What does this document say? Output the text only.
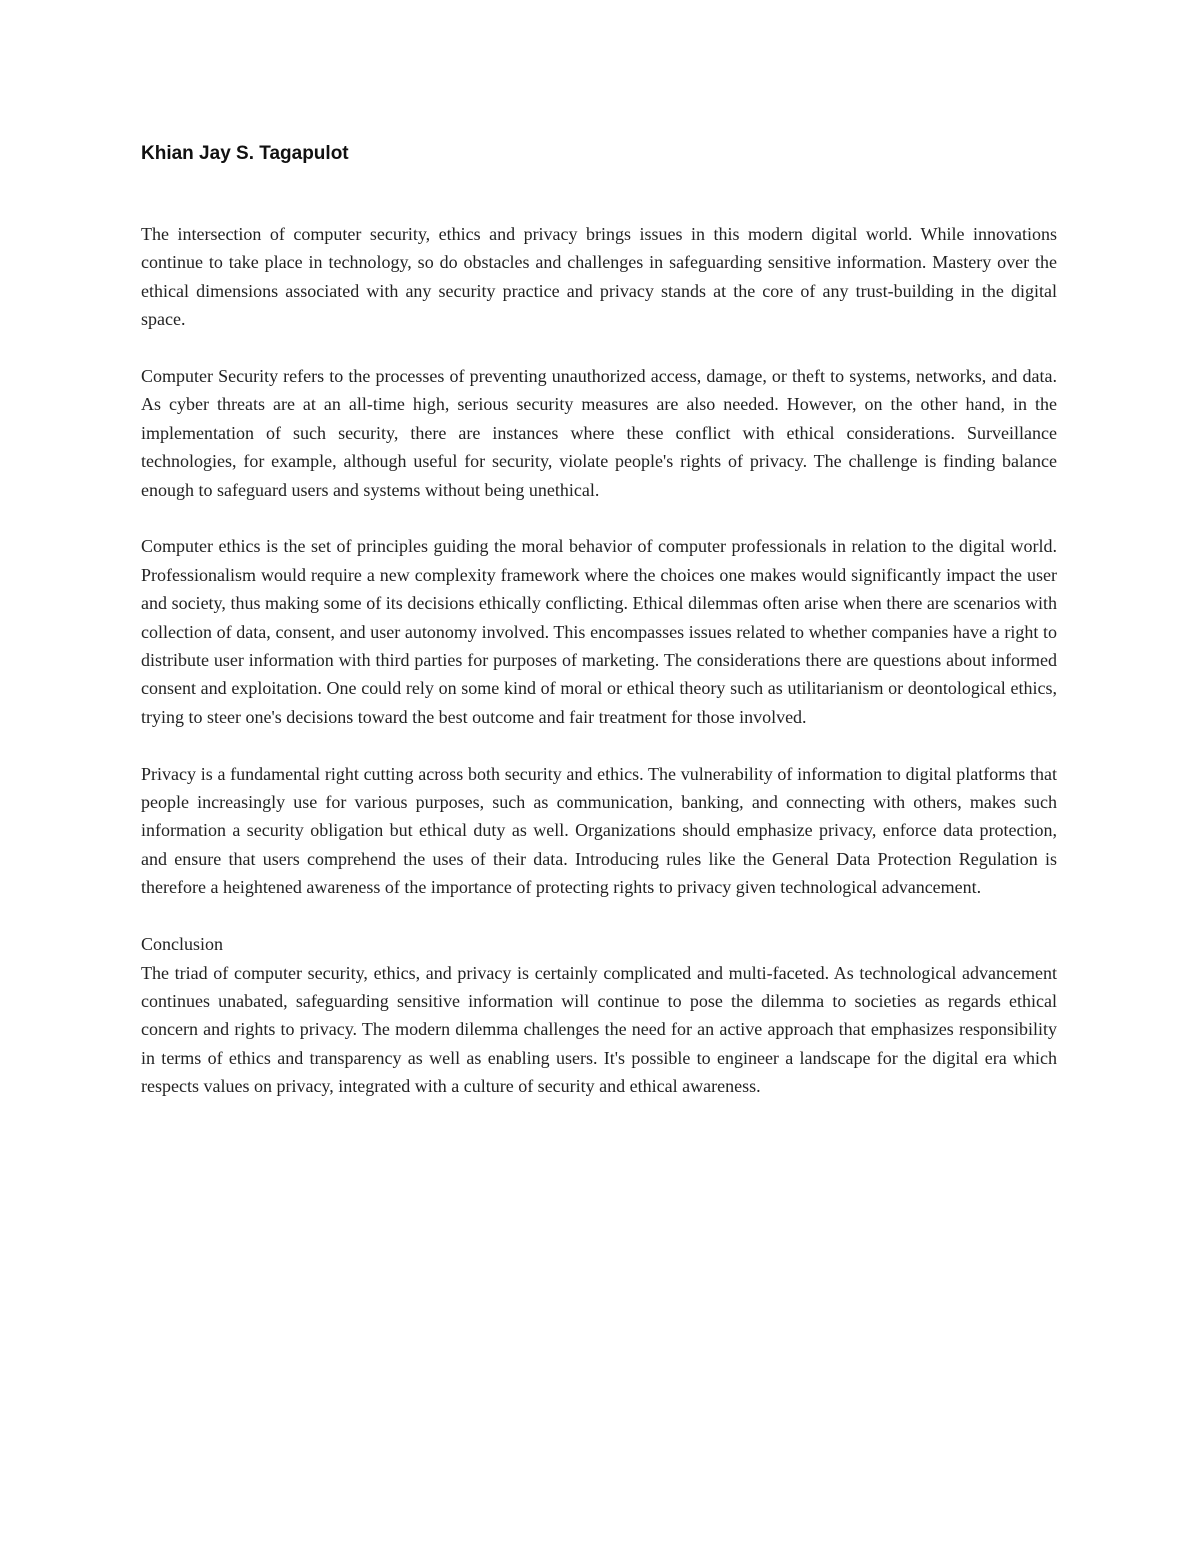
Khian Jay S. Tagapulot

The intersection of computer security, ethics and privacy brings issues in this modern digital world. While innovations continue to take place in technology, so do obstacles and challenges in safeguarding sensitive information. Mastery over the ethical dimensions associated with any security practice and privacy stands at the core of any trust-building in the digital space.

Computer Security refers to the processes of preventing unauthorized access, damage, or theft to systems, networks, and data. As cyber threats are at an all-time high, serious security measures are also needed. However, on the other hand, in the implementation of such security, there are instances where these conflict with ethical considerations. Surveillance technologies, for example, although useful for security, violate people's rights of privacy. The challenge is finding balance enough to safeguard users and systems without being unethical.

Computer ethics is the set of principles guiding the moral behavior of computer professionals in relation to the digital world. Professionalism would require a new complexity framework where the choices one makes would significantly impact the user and society, thus making some of its decisions ethically conflicting. Ethical dilemmas often arise when there are scenarios with collection of data, consent, and user autonomy involved. This encompasses issues related to whether companies have a right to distribute user information with third parties for purposes of marketing. The considerations there are questions about informed consent and exploitation. One could rely on some kind of moral or ethical theory such as utilitarianism or deontological ethics, trying to steer one's decisions toward the best outcome and fair treatment for those involved.

Privacy is a fundamental right cutting across both security and ethics. The vulnerability of information to digital platforms that people increasingly use for various purposes, such as communication, banking, and connecting with others, makes such information a security obligation but ethical duty as well. Organizations should emphasize privacy, enforce data protection, and ensure that users comprehend the uses of their data. Introducing rules like the General Data Protection Regulation is therefore a heightened awareness of the importance of protecting rights to privacy given technological advancement.

Conclusion

The triad of computer security, ethics, and privacy is certainly complicated and multi-faceted. As technological advancement continues unabated, safeguarding sensitive information will continue to pose the dilemma to societies as regards ethical concern and rights to privacy. The modern dilemma challenges the need for an active approach that emphasizes responsibility in terms of ethics and transparency as well as enabling users. It's possible to engineer a landscape for the digital era which respects values on privacy, integrated with a culture of security and ethical awareness.
